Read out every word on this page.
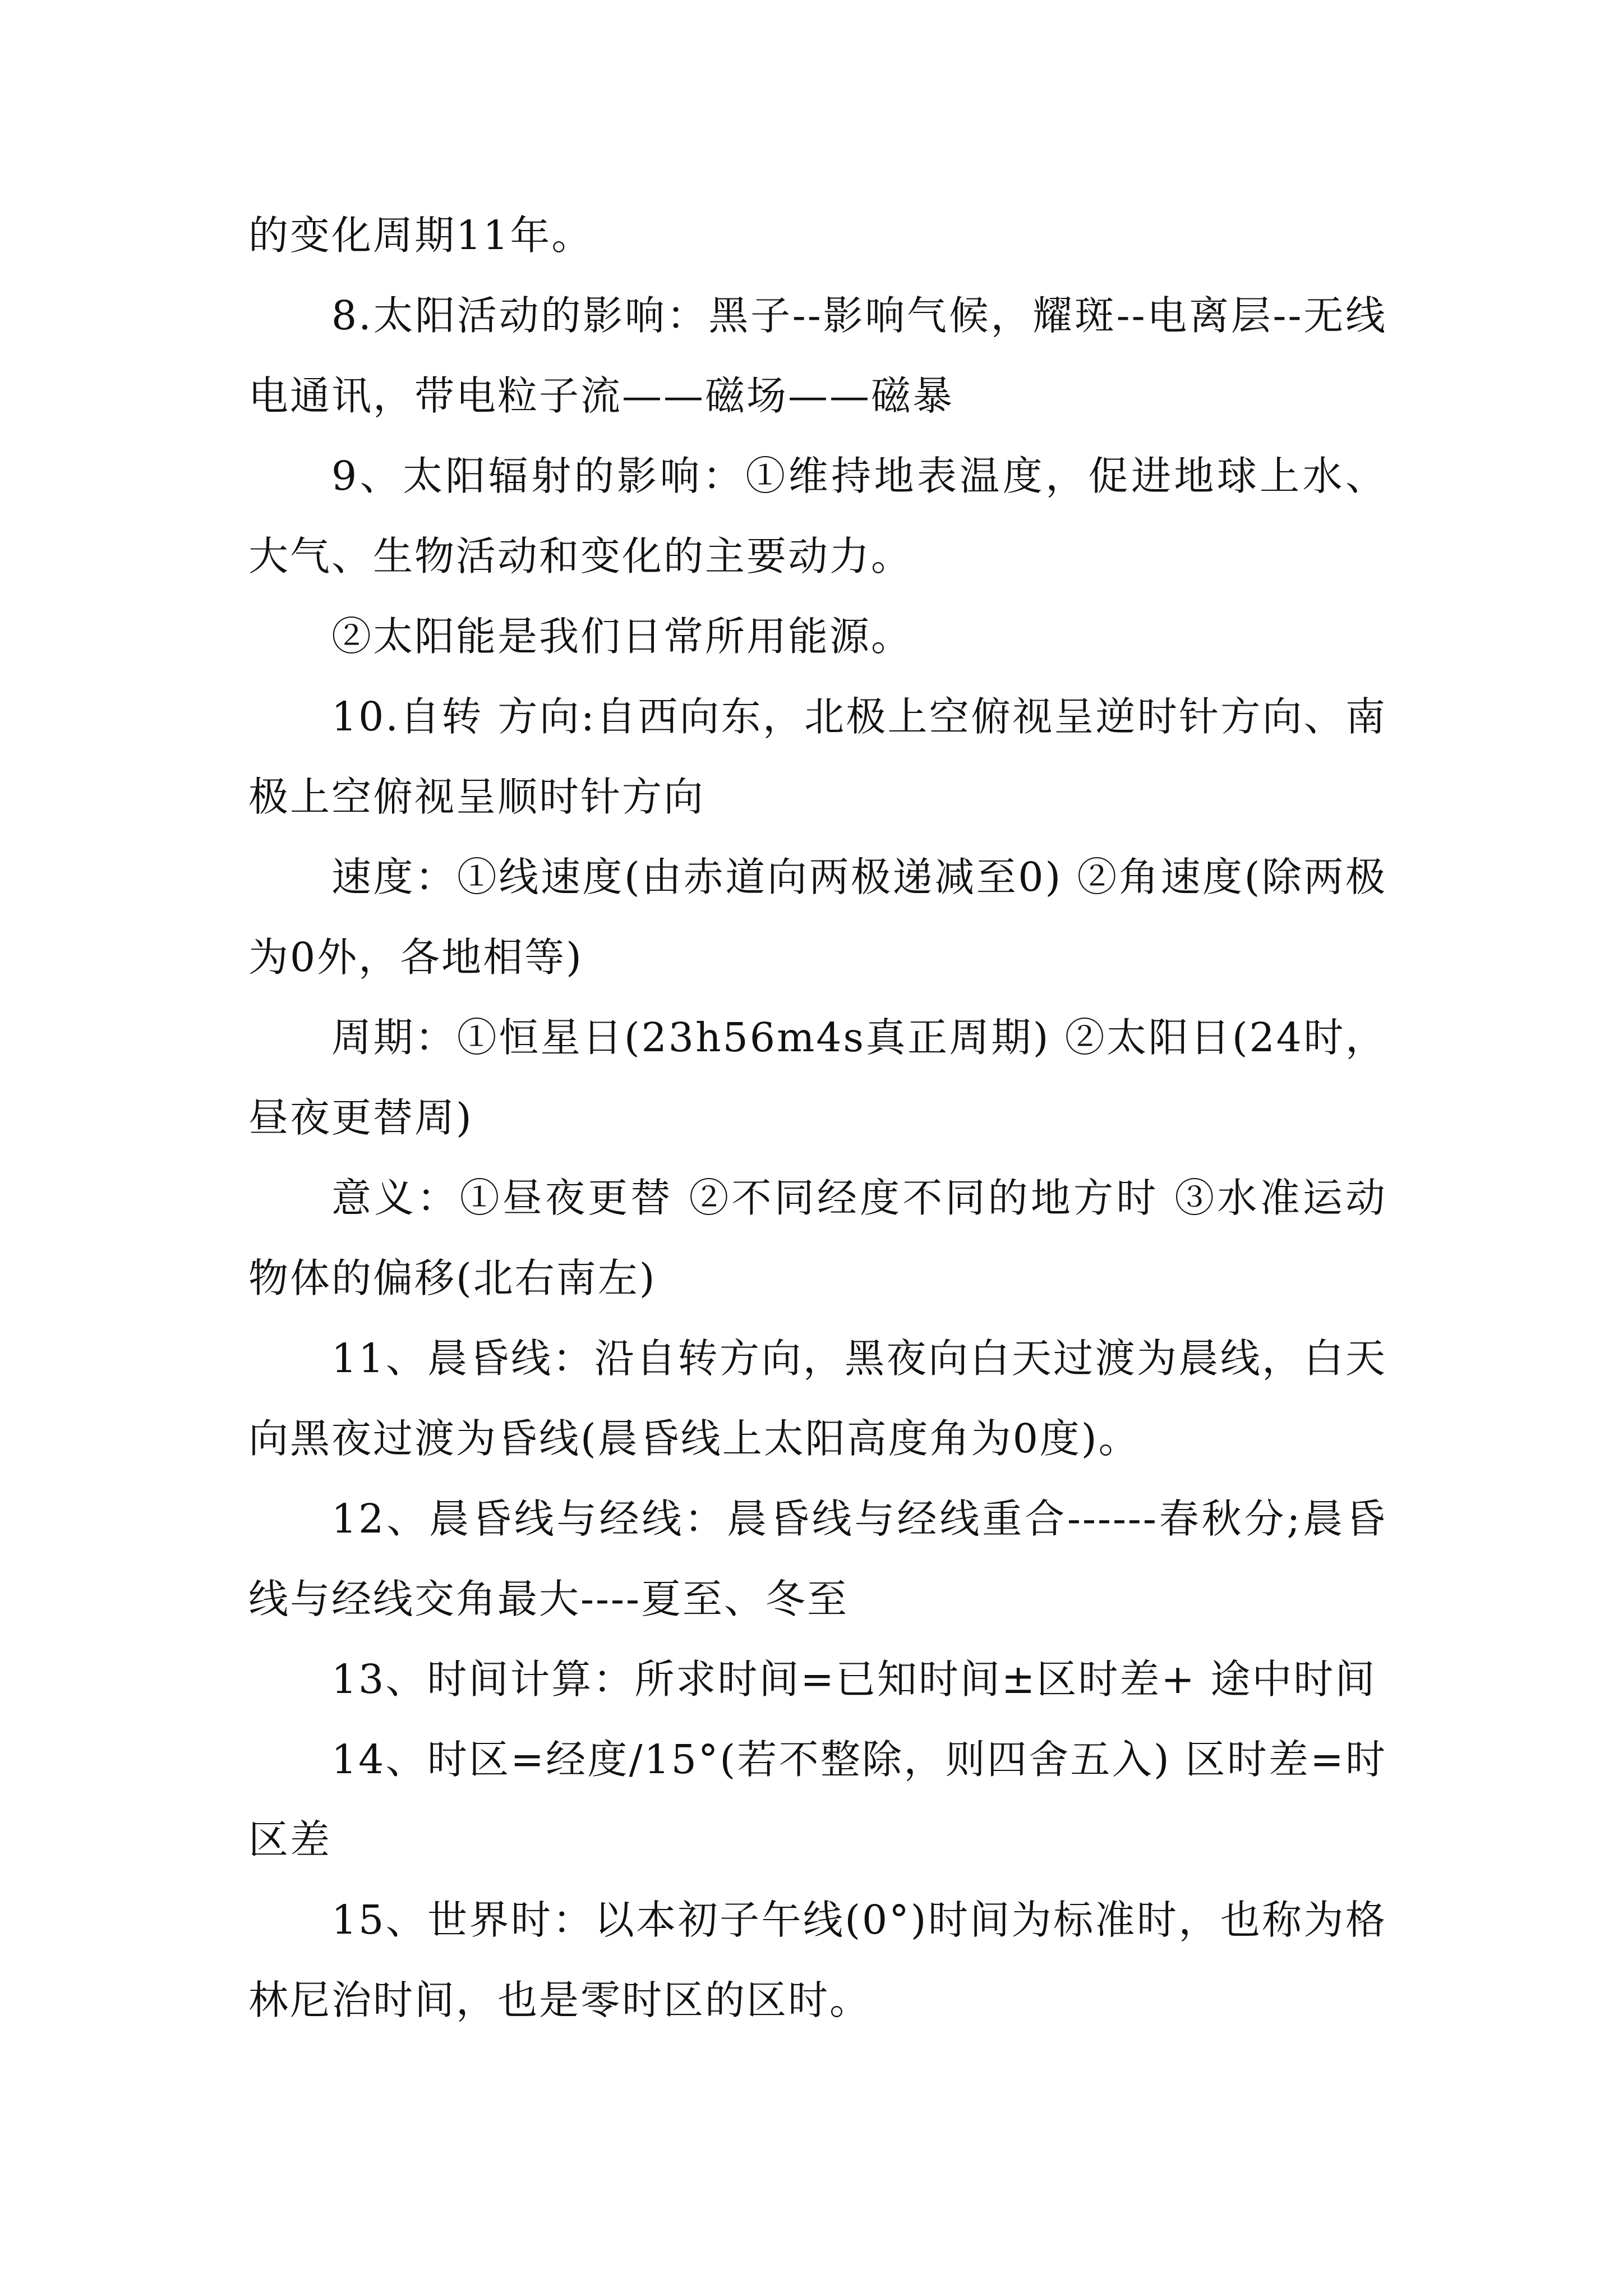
的变化周期11年。

8.太阳活动的影响：黑子--影响气候，耀斑--电离层--无线电通讯，带电粒子流——磁场——磁暴

9、太阳辐射的影响：①维持地表温度，促进地球上水、大气、生物活动和变化的主要动力。

②太阳能是我们日常所用能源。

10.自转 方向:自西向东，北极上空俯视呈逆时针方向、南极上空俯视呈顺时针方向

速度：①线速度(由赤道向两极递减至0) ②角速度(除两极为0外，各地相等)

周期：①恒星日(23h56m4s真正周期) ②太阳日(24时，昼夜更替周)

意义：①昼夜更替 ②不同经度不同的地方时 ③水准运动物体的偏移(北右南左)

11、晨昏线：沿自转方向，黑夜向白天过渡为晨线，白天向黑夜过渡为昏线(晨昏线上太阳高度角为0度)。

12、晨昏线与经线：晨昏线与经线重合------春秋分;晨昏线与经线交角最大----夏至、冬至

13、时间计算：所求时间=已知时间±区时差+ 途中时间

14、时区=经度/15°(若不整除，则四舍五入) 区时差=时区差

15、世界时：以本初子午线(0°)时间为标准时，也称为格林尼治时间，也是零时区的区时。
